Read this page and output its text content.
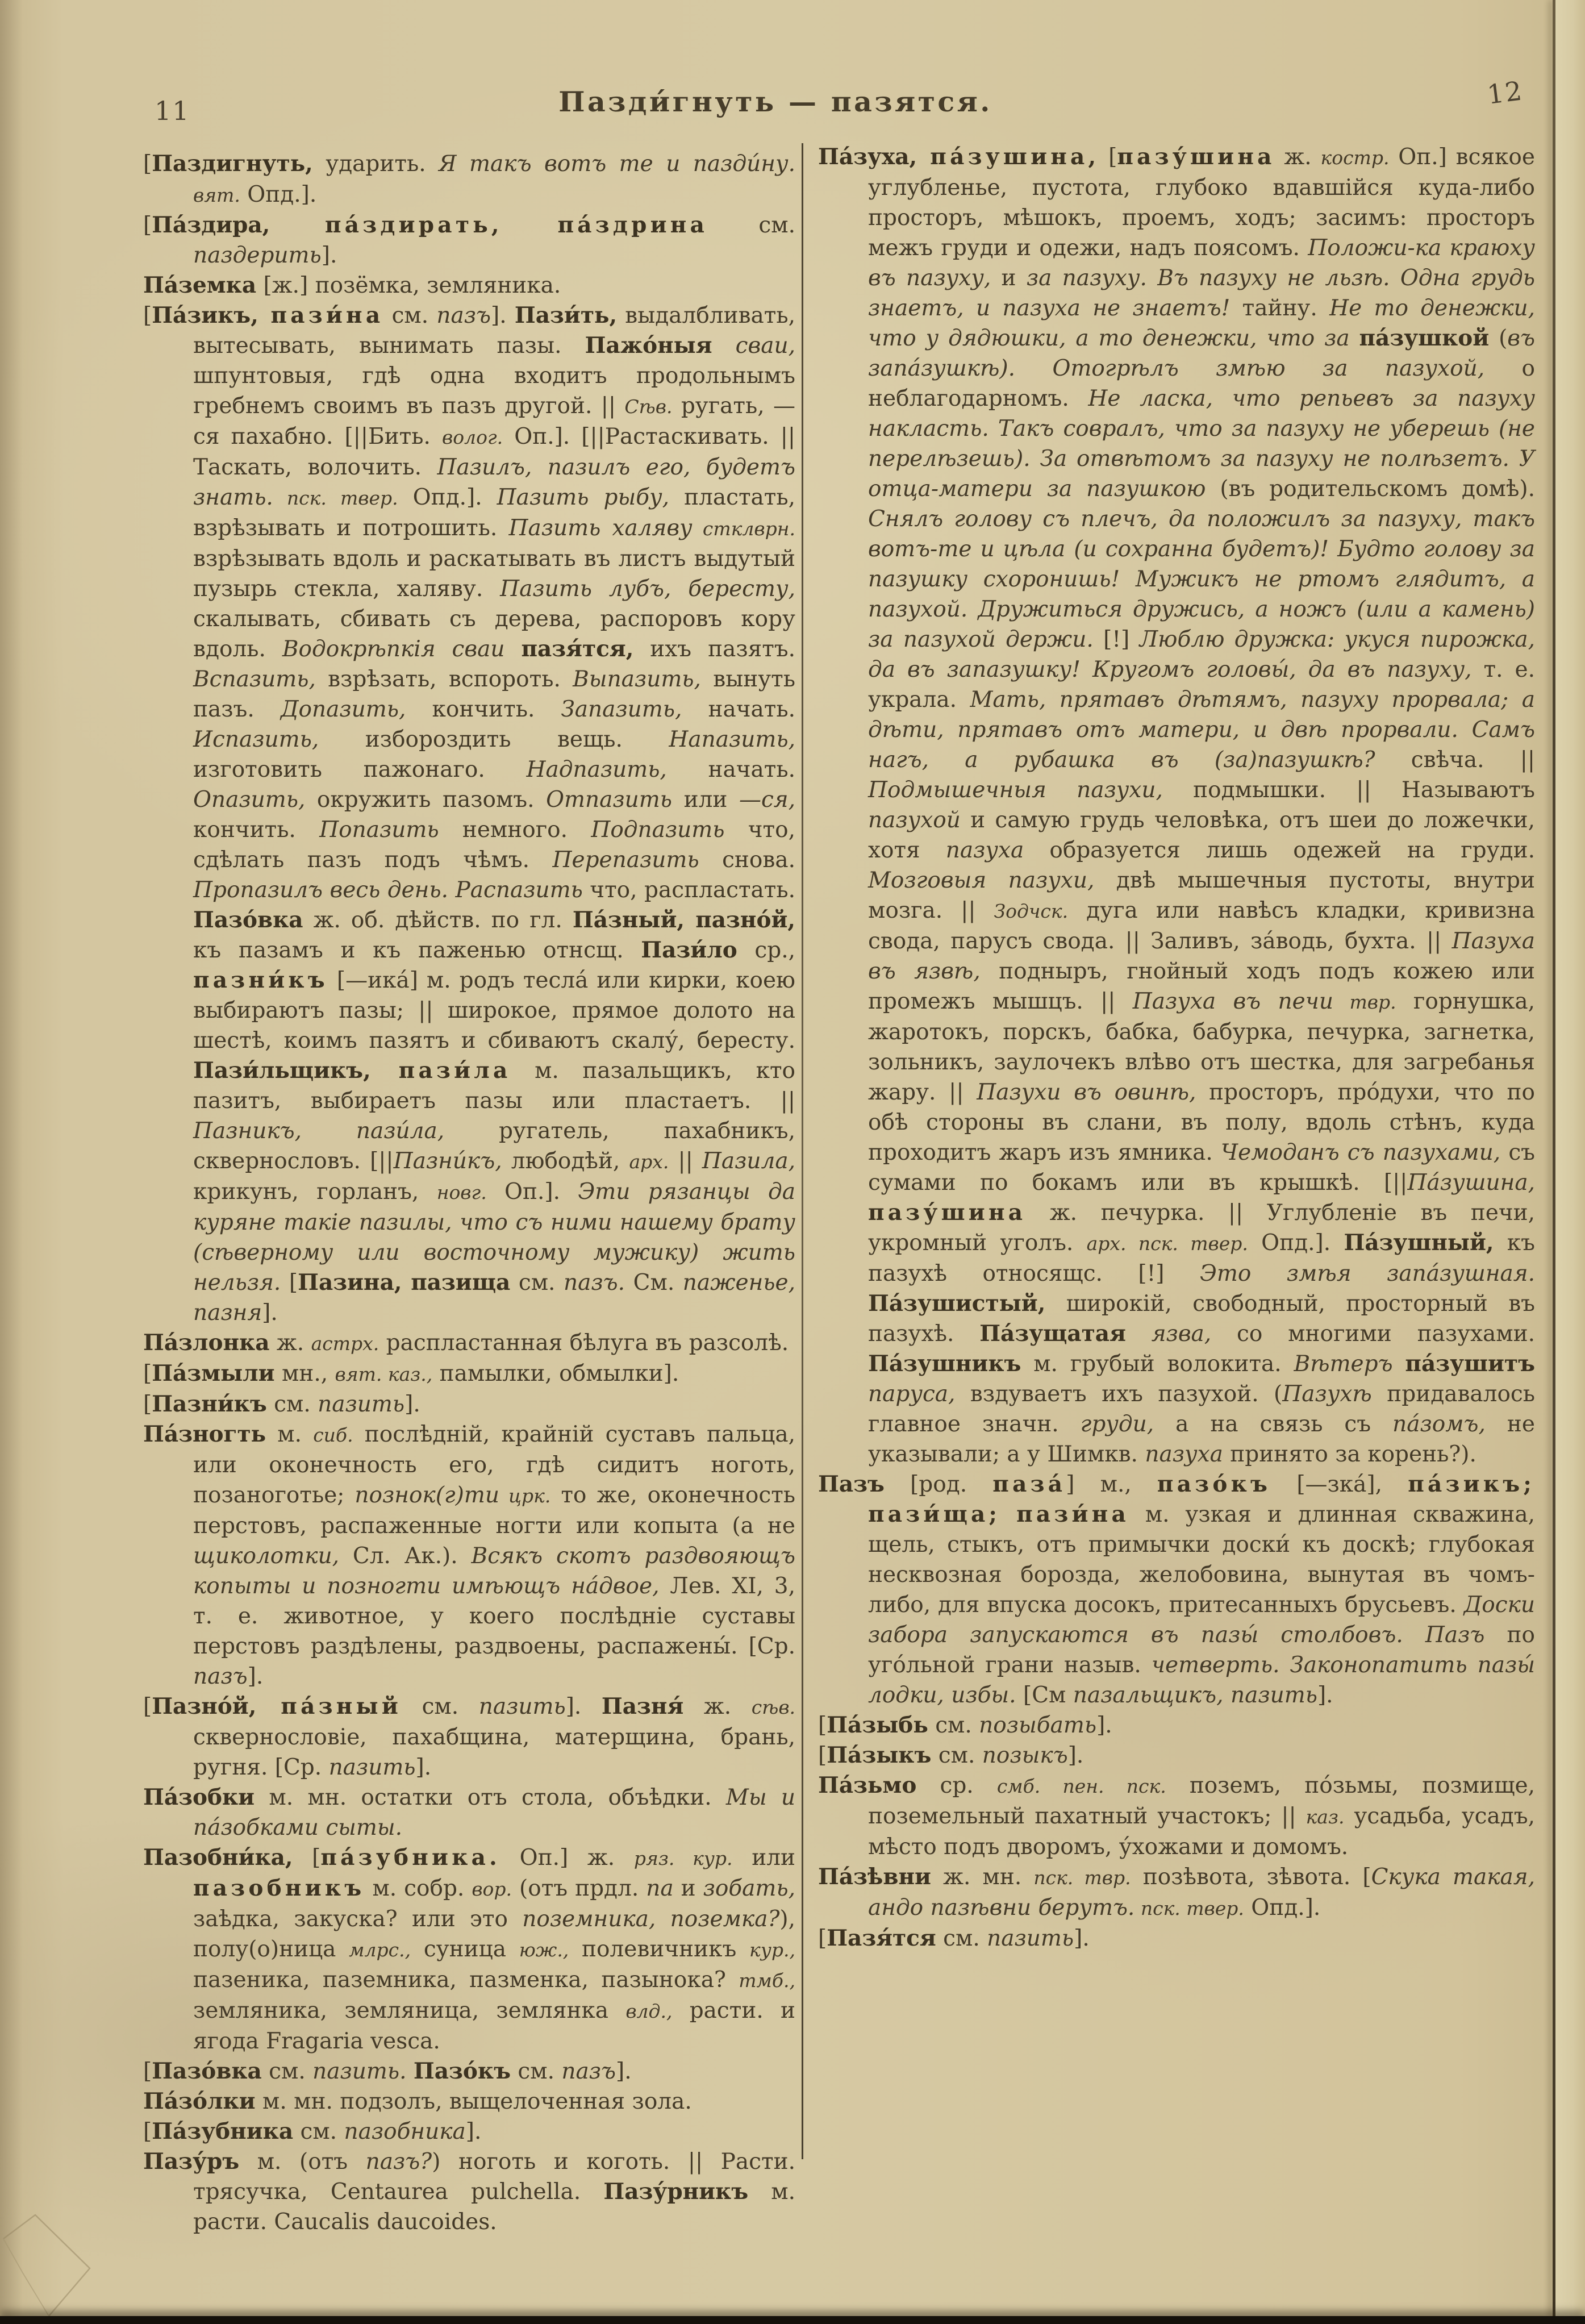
11	Пазди́гнуть — пазятся.	12

[Паздигнуть, ударить. Я такъ вотъ те и пазди́ну. вят. Опд.].

[Па́здира, па́здирать, па́здрина см. паздерить].

Па́земка [ж.] позёмка, земляника.

[Па́зикъ, пази́на см. пазъ]. Пази́ть, выдалбливать, вытесывать, вынимать пазы. Пажо́ныя сваи, шпунтовыя, гдѣ одна входитъ продольнымъ гребнемъ своимъ въ пазъ другой. || Сѣв. ругать, —ся пахабно. [||Бить. волог. Оп.]. [||Растаскивать. || Таскать, волочить. Пазилъ, пазилъ его, будетъ знать. пск. твер. Опд.]. Пазить рыбу, пластать, взрѣзывать и потрошить. Пазить халяву стклврн. взрѣзывать вдоль и раскатывать въ листъ выдутый пузырь стекла, халяву. Пазить лубъ, бересту, скалывать, сбивать съ дерева, распоровъ кору вдоль. Водокрѣпкія сваи пазя́тся, ихъ пазятъ. Вспазить, взрѣзать, вспороть. Выпазить, вынуть пазъ. Допазить, кончить. Запазить, начать. Испазить, избороздить вещь. Напазить, изготовить пажонаго. Надпазить, начать. Опазить, окружить пазомъ. Отпазить или —ся, кончить. Попазить немного. Подпазить что, сдѣлать пазъ подъ чѣмъ. Перепазить снова. Пропазилъ весь день. Распазить что, распластать. Пазо́вка ж. об. дѣйств. по гл. Па́зный, пазно́й, къ пазамъ и къ паженью отнсщ. Пази́ло ср., пазни́къ [—ика́] м. родъ тесла́ или кирки, коею выбираютъ пазы; || широкое, прямое долото на шестѣ, коимъ пазятъ и сбиваютъ скалу́, бересту. Пази́льщикъ, пази́ла м. пазальщикъ, кто пазитъ, выбираетъ пазы или пластаетъ. || Пазникъ, пази́ла, ругатель, пахабникъ, сквернословъ. [||Пазни́къ, любодѣй, арх. || Пазила, крикунъ, горланъ, новг. Оп.]. Эти рязанцы да куряне такіе пазилы, что съ ними нашему брату (сѣверному или восточному мужику) жить нельзя. [Пазина, пазища см. пазъ. См. паженье, пазня].

Па́злонка ж. астрх. распластанная бѣлуга въ разсолѣ.

[Па́змыли мн., вят. каз., памылки, обмылки].

[Пазни́къ см. пазить].

Па́зногть м. сиб. послѣдній, крайній суставъ пальца, или оконечность его, гдѣ сидитъ ноготь, позаноготье; познок(г)ти црк. то же, оконечность перстовъ, распаженные ногти или копыта (а не щиколотки, Сл. Ак.). Всякъ скотъ раздвояющъ копыты и позногти имѣющъ на́двое, Лев. XI, 3, т. е. животное, у коего послѣдніе суставы перстовъ раздѣлены, раздвоены, распажены́. [Ср. пазъ].

[Пазно́й, па́зный см. пазить]. Пазня́ ж. сѣв. сквернословіе, пахабщина, матерщина, брань, ругня. [Ср. пазить].

Па́зобки м. мн. остатки отъ стола, объѣдки. Мы и па́зобками сыты.

Пазобни́ка, [па́зубника. Оп.] ж. ряз. кур. или пазобникъ м. собр. вор. (отъ прдл. па и зобать, заѣдка, закуска? или это поземника, поземка?), полу(о)ница млрс., суница юж., полевичникъ кур., пазеника, паземника, пазменка, пазынока? тмб., земляника, земляница, землянка влд., расти. и ягода Fragaria vesca.

[Пазо́вка см. пазить. Пазо́къ см. пазъ].

Па́зо́лки м. мн. подзолъ, выщелоченная зола.

[Па́зубника см. пазобника].

Пазу́ръ м. (отъ пазъ?) ноготь и коготь. || Расти. трясучка, Centaurea pulchella. Пазу́рникъ м. расти. Caucalis daucoides.

Па́зуха, па́зушина, [пазу́шина ж. костр. Оп.] всякое углубленье, пустота, глубоко вдавшійся куда-либо просторъ, мѣшокъ, проемъ, ходъ; засимъ: просторъ межъ груди и одежи, надъ поясомъ. Положи-ка краюху въ пазуху, и за пазуху. Въ пазуху не льзѣ. Одна грудь знаетъ, и пазуха не знаетъ! тайну. Не то денежки, что у дядюшки, а то денежки, что за па́зушкой (въ запа́зушкѣ). Отогрѣлъ змѣю за пазухой, о неблагодарномъ. Не ласка, что репьевъ за пазуху накласть. Такъ совралъ, что за пазуху не уберешь (не перелѣзешь). За отвѣтомъ за пазуху не полѣзетъ. У отца-матери за пазушкою (въ родительскомъ домѣ). Снялъ голову съ плечъ, да положилъ за пазуху, такъ вотъ-те и цѣла (и сохранна будетъ)! Будто голову за пазушку схоронишь! Мужикъ не ртомъ глядитъ, а пазухой. Дружиться дружись, а ножъ (или а камень) за пазухой держи. [!] Люблю дружка: укуся пирожка, да въ запазушку! Кругомъ головы́, да въ пазуху, т. е. украла. Мать, прятавъ дѣтямъ, пазуху прорвала; а дѣти, прятавъ отъ матери, и двѣ прорвали. Самъ нагъ, а рубашка въ (за)пазушкѣ? свѣча. || Подмышечныя пазухи, подмышки. || Называютъ пазухой и самую грудь человѣка, отъ шеи до ложечки, хотя пазуха образуется лишь одежей на груди. Мозговыя пазухи, двѣ мышечныя пустоты, внутри мозга. || Зодчск. дуга или навѣсъ кладки, кривизна свода, парусъ свода. || Заливъ, за́водь, бухта. || Пазуха въ язвѣ, подныръ, гнойный ходъ подъ кожею или промежъ мышцъ. || Пазуха въ печи твр. горнушка, жаротокъ, порскъ, бабка, бабурка, печурка, загнетка, зольникъ, заулочекъ влѣво отъ шестка, для загребанья жару. || Пазухи въ овинѣ, просторъ, про́духи, что по обѣ стороны въ слани, въ полу, вдоль стѣнъ, куда проходитъ жаръ изъ ямника. Чемоданъ съ пазухами, съ сумами по бокамъ или въ крышкѣ. [||Па́зушина, пазу́шина ж. печурка. || Углубленіе въ печи, укромный уголъ. арх. пск. твер. Опд.]. Па́зушный, къ пазухѣ относящс. [!] Это змѣя запа́зушная. Па́зушистый, широкій, свободный, просторный въ пазухѣ. Па́зущатая язва, со многими пазухами. Па́зушникъ м. грубый волокита. Вѣтеръ па́зушитъ паруса, вздуваетъ ихъ пазухой. (Пазухѣ придавалось главное значн. груди, а на связь съ па́зомъ, не указывали; а у Шимкв. пазуха принято за корень?).

Пазъ [род. паза́] м., пазо́къ [—зка́], па́зикъ; пази́ща; пази́на м. узкая и длинная скважина, щель, стыкъ, отъ примычки доски́ къ доскѣ; глубокая несквозная борозда, желобовина, вынутая въ чомъ-либо, для впуска досокъ, притесанныхъ брусьевъ. Доски забора запускаются въ пазы́ столбовъ. Пазъ по уго́льной грани назыв. четверть. Законопатить пазы́ лодки, избы. [См пазальщикъ, пазить].

[Па́зыбь см. позыбать].

[Па́зыкъ см. позыкъ].

Па́зьмо ср. смб. пен. пск. поземъ, по́зьмы, позмище, поземельный пахатный участокъ; || каз. усадьба, усадъ, мѣсто подъ дворомъ, у́хожами и домомъ.

Па́зѣвни ж. мн. пск. твр. позѣвота, зѣвота. [Скука такая, андо пазѣвни берутъ. пск. твер. Опд.].

[Пазя́тся см. пазить].
